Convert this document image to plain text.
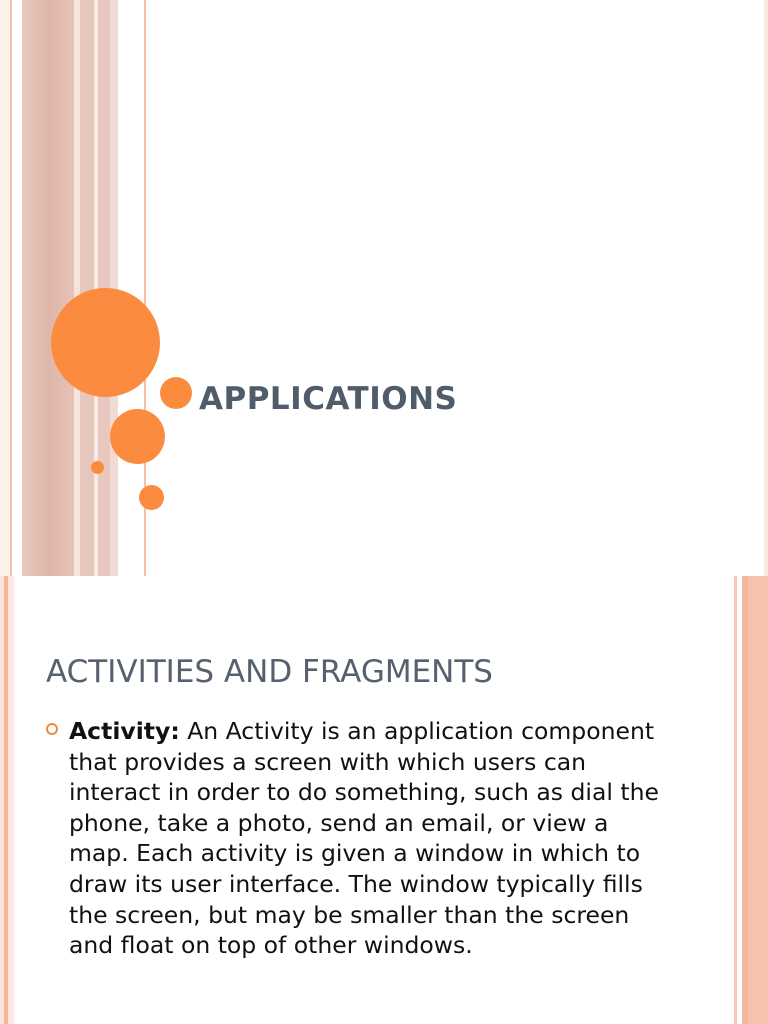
APPLICATIONS
ACTIVITIES AND FRAGMENTS

Activity: An Activity is an application component that provides a screen with which users can interact in order to do something, such as dial the phone, take a photo, send an email, or view a map. Each activity is given a window in which to draw its user interface. The window typically fills the screen, but may be smaller than the screen and float on top of other windows.
